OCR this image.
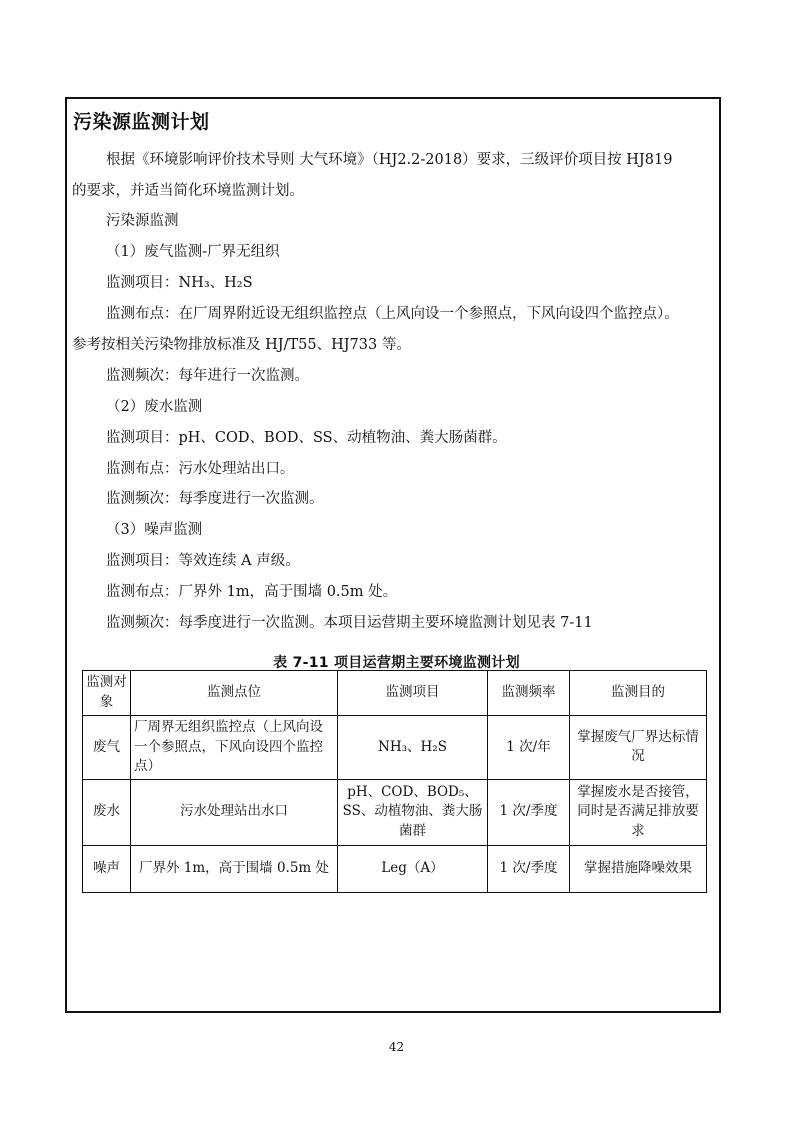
污染源监测计划
根据《环境影响评价技术导则 大气环境》（HJ2.2-2018）要求，三级评价项目按 HJ819
的要求，并适当简化环境监测计划。
污染源监测
（1）废气监测-厂界无组织
监测项目：NH₃、H₂S
监测布点：在厂周界附近设无组织监控点（上风向设一个参照点，下风向设四个监控点）。
参考按相关污染物排放标准及 HJ/T55、HJ733 等。
监测频次：每年进行一次监测。
（2）废水监测
监测项目：pH、COD、BOD、SS、动植物油、粪大肠菌群。
监测布点：污水处理站出口。
监测频次：每季度进行一次监测。
（3）噪声监测
监测项目：等效连续 A 声级。
监测布点：厂界外 1m，高于围墙 0.5m 处。
监测频次：每季度进行一次监测。本项目运营期主要环境监测计划见表 7-11
表 7-11 项目运营期主要环境监测计划
监测对象	监测点位	监测项目	监测频率	监测目的
废气	厂周界无组织监控点（上风向设一个参照点，下风向设四个监控点）	NH₃、H₂S	1 次/年	掌握废气厂界达标情况
废水	污水处理站出水口	pH、COD、BOD₅、SS、动植物油、粪大肠菌群	1 次/季度	掌握废水是否接管，同时是否满足排放要求
噪声	厂界外 1m，高于围墙 0.5m 处	Leg（A）	1 次/季度	掌握措施降噪效果
42
